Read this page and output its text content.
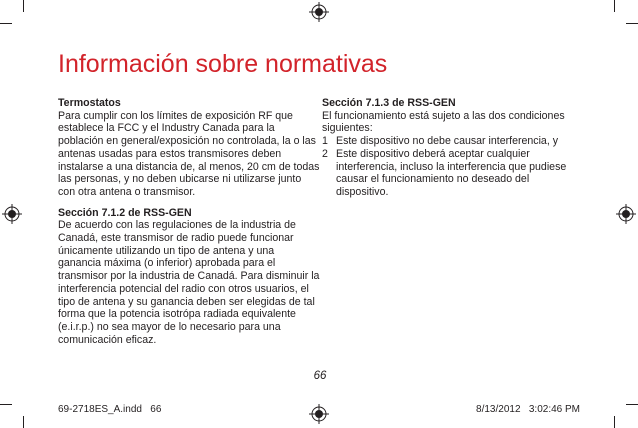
Información sobre normativas
Termostatos

Para cumplir con los límites de exposición RF que establece la FCC y el Industry Canada para la población en general/exposición no controlada, la o las antenas usadas para estos transmisores deben instalarse a una distancia de, al menos, 20 cm de todas las personas, y no deben ubicarse ni utilizarse junto con otra antena o transmisor.

Sección 7.1.2 de RSS-GEN

De acuerdo con las regulaciones de la industria de Canadá, este transmisor de radio puede funcionar únicamente utilizando un tipo de antena y una ganancia máxima (o inferior) aprobada para el transmisor por la industria de Canadá. Para disminuir la interferencia potencial del radio con otros usuarios, el tipo de antena y su ganancia deben ser elegidas de tal forma que la potencia isotrópa radiada equivalente (e.i.r.p.) no sea mayor de lo necesario para una comunicación eficaz.

Sección 7.1.3 de RSS-GEN

El funcionamiento está sujeto a las dos condiciones siguientes:

1 Este dispositivo no debe causar interferencia, y
2 Este dispositivo deberá aceptar cualquier interferencia, incluso la interferencia que pudiese causar el funcionamiento no deseado del dispositivo.
66
69-2718ES_A.indd   66	8/13/2012   3:02:46 PM
